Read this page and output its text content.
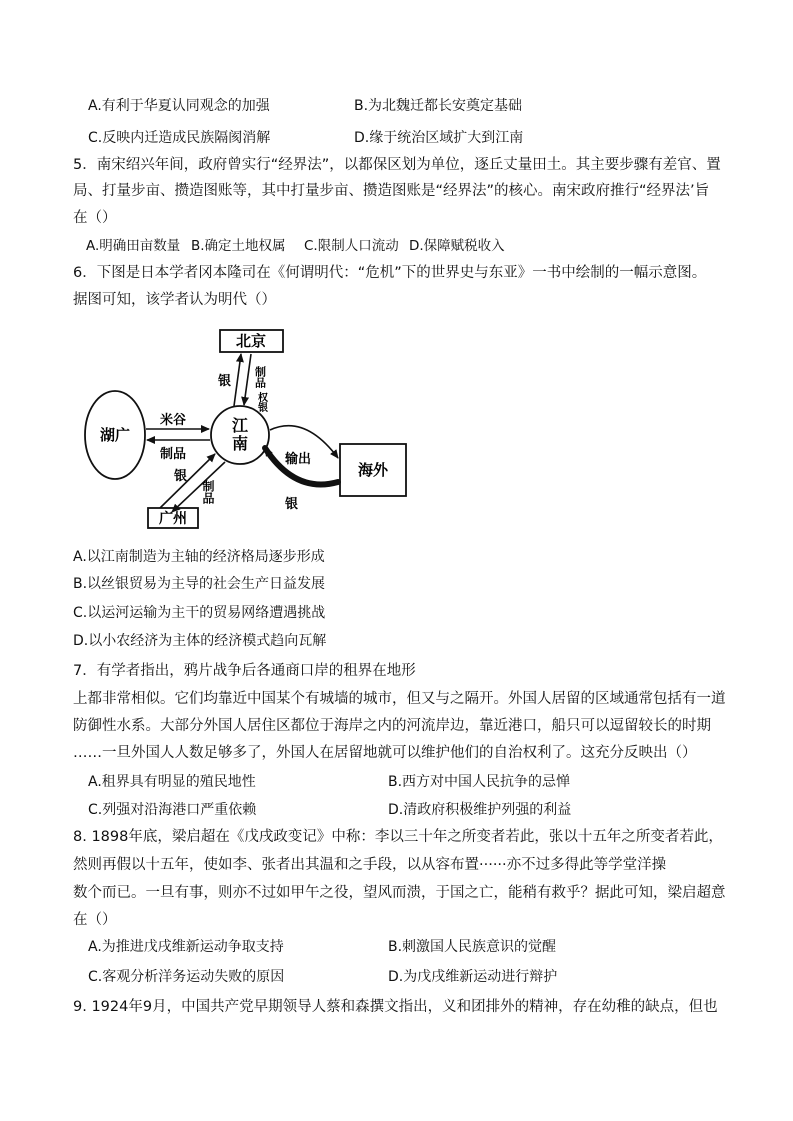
A.有利于华夏认同观念的加强	B.为北魏迁都长安奠定基础
C.反映内迁造成民族隔阂消解	D.缘于统治区域扩大到江南
5．南宋绍兴年间，政府曾实行“经界法”，以都保区划为单位，逐丘丈量田土。其主要步骤有差官、置
局、打量步亩、攒造图账等，其中打量步亩、攒造图账是“经界法”的核心。南宋政府推行“经界法’旨
在（）
A.明确田亩数量 B.确定土地权属 C.限制人口流动 D.保障赋税收入
6．下图是日本学者冈本隆司在《何谓明代：“危机”下的世界史与东亚》一书中绘制的一幅示意图。
据图可知，该学者认为明代（）
北京
江南
湖广
广州
海外
银 制品
权银
米谷
制品
银
制品
输出
银
A.以江南制造为主轴的经济格局逐步形成
B.以丝银贸易为主导的社会生产日益发展
C.以运河运输为主干的贸易网络遭遇挑战
D.以小农经济为主体的经济模式趋向瓦解
7．有学者指出，鸦片战争后各通商口岸的租界在地形
上都非常相似。它们均靠近中国某个有城墙的城市，但又与之隔开。外国人居留的区域通常包括有一道
防御性水系。大部分外国人居住区都位于海岸之内的河流岸边，靠近港口，船只可以逗留较长的时期
……一旦外国人人数足够多了，外国人在居留地就可以维护他们的自治权利了。这充分反映出（）
A.租界具有明显的殖民地性	B.西方对中国人民抗争的忌惮
C.列强对沿海港口严重依赖	D.清政府积极维护列强的利益
8. 1898年底，梁启超在《戊戌政变记》中称：李以三十年之所变者若此，张以十五年之所变者若此，
然则再假以十五年，使如李、张者出其温和之手段，以从容布置······亦不过多得此等学堂洋操
数个而已。一旦有事，则亦不过如甲午之役，望风而溃，于国之亡，能稍有救乎？据此可知，梁启超意
在（）
A.为推进戊戌维新运动争取支持	B.刺激国人民族意识的觉醒
C.客观分析洋务运动失败的原因	D.为戊戌维新运动进行辩护
9. 1924年9月，中国共产党早期领导人蔡和森撰文指出，义和团排外的精神，存在幼稚的缺点，但也
